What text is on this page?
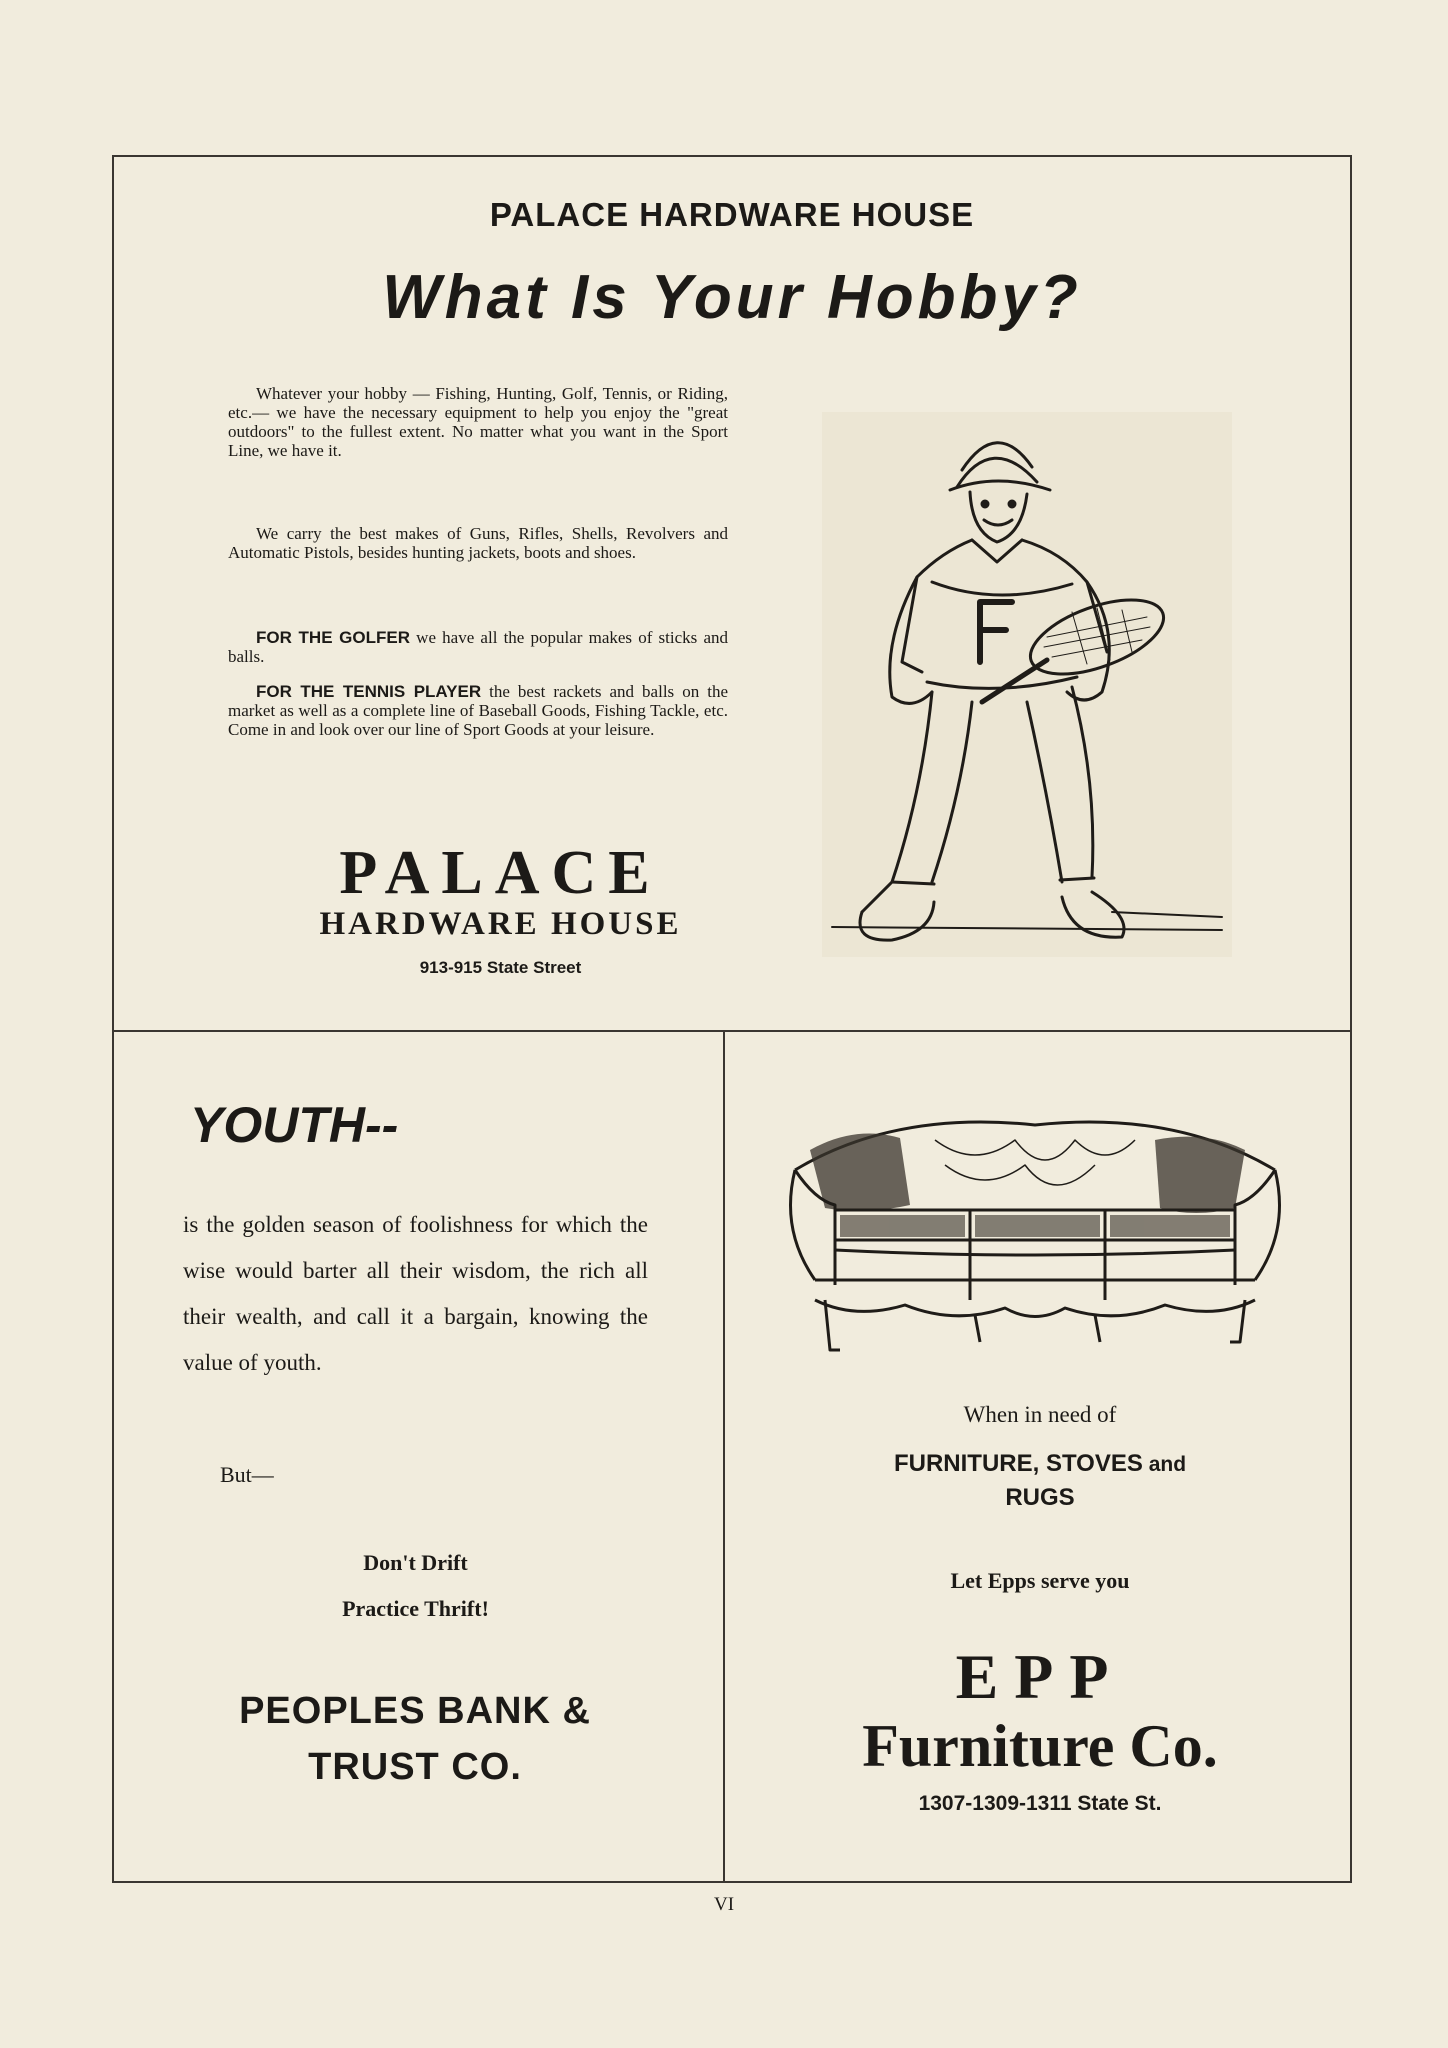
PALACE HARDWARE HOUSE
What Is Your Hobby?

Whatever your hobby — Fishing, Hunting, Golf, Tennis, or Riding, etc.— we have the necessary equipment to help you enjoy the "great outdoors" to the fullest extent. No matter what you want in the Sport Line, we have it.

We carry the best makes of Guns, Rifles, Shells, Revolvers and Automatic Pistols, besides hunting jackets, boots and shoes.

FOR THE GOLFER we have all the popular makes of sticks and balls.

FOR THE TENNIS PLAYER the best rackets and balls on the market as well as a complete line of Baseball Goods, Fishing Tackle, etc. Come in and look over our line of Sport Goods at your leisure.

PALACE
HARDWARE HOUSE
913-915 State Street
YOUTH--

is the golden season of foolishness for which the wise would barter all their wisdom, the rich all their wealth, and call it a bargain, knowing the value of youth.

But—
Don't Drift
Practice Thrift!
PEOPLES BANK &
TRUST CO.
When in need of
FURNITURE, STOVES and
RUGS
Let Epps serve you
EPP
Furniture Co.
1307-1309-1311 State St.
VI
